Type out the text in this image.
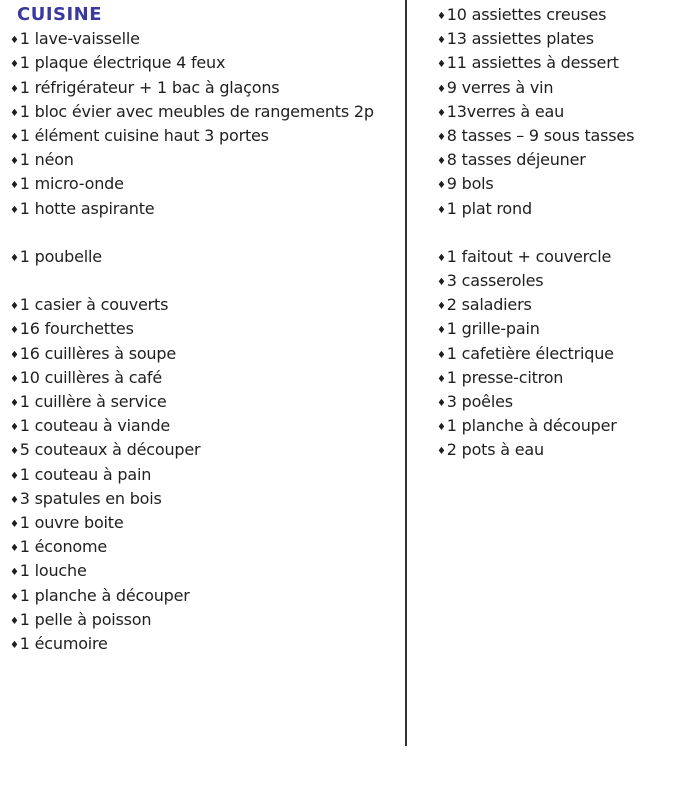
CUISINE
♦1 lave-vaisselle
♦1 plaque électrique 4 feux
♦1 réfrigérateur + 1 bac à glaçons
♦1 bloc évier avec meubles de rangements 2p
♦1 élément cuisine haut 3 portes
♦1 néon
♦1 micro-onde
♦1 hotte aspirante
♦1 poubelle
♦1 casier à couverts
♦16 fourchettes
♦16 cuillères à soupe
♦10 cuillères à café
♦1 cuillère à service
♦1 couteau à viande
♦5 couteaux à découper
♦1 couteau à pain
♦3 spatules en bois
♦1 ouvre boite
♦1 économe
♦1 louche
♦1 planche à découper
♦1 pelle à poisson
♦1 écumoire
♦10 assiettes creuses
♦13 assiettes plates
♦11 assiettes à dessert
♦9 verres à vin
♦13verres à eau
♦8 tasses – 9 sous tasses
♦8 tasses déjeuner
♦9 bols
♦1 plat rond
♦1 faitout + couvercle
♦3 casseroles
♦2 saladiers
♦1 grille-pain
♦1 cafetière électrique
♦1 presse-citron
♦3 poêles
♦1 planche à découper
♦2 pots à eau
